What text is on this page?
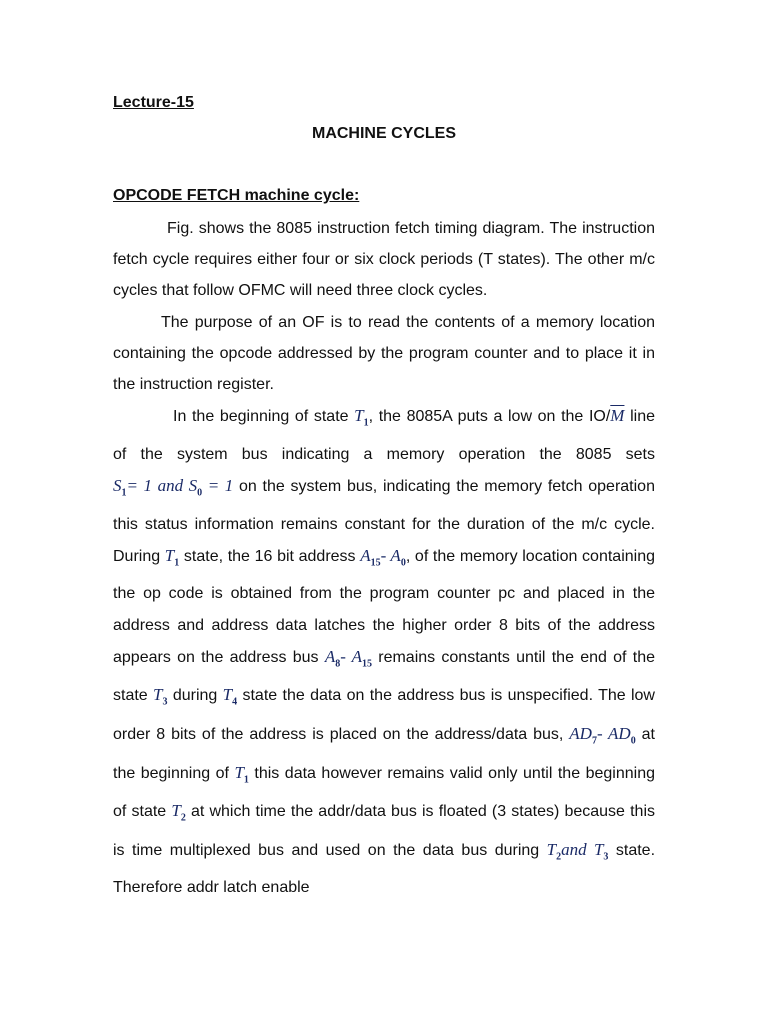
Lecture-15
MACHINE CYCLES
OPCODE FETCH machine cycle:

Fig. shows the 8085 instruction fetch timing diagram. The instruction fetch cycle requires either four or six clock periods (T states). The other m/c cycles that follow OFMC will need three clock cycles.

The purpose of an OF is to read the contents of a memory location containing the opcode addressed by the program counter and to place it in the instruction register.

In the beginning of state $T_1$, the 8085A puts a low on the $IO/\overline{M}$ line of the system bus indicating a memory operation the 8085 sets $S_1= 1$ and $S_0 = 1$ on the system bus, indicating the memory fetch operation this status information remains constant for the duration of the m/c cycle. During $T_1$ state, the 16 bit address $A_{15}-$ $A_0$, of the memory location containing the op code is obtained from the program counter pc and placed in the address and address data latches the higher order 8 bits of the address appears on the address bus $A_8-$ $A_{15}$ remains constants until the end of the state $T_3$ during $T_4$ state the data on the address bus is unspecified. The low order 8 bits of the address is placed on the address/data bus, $AD_7-$ $AD_0$ at the beginning of $T_1$ this data however remains valid only until the beginning of state $T_2$ at which time the addr/data bus is floated (3 states) because this is time multiplexed bus and used on the data bus during $T_2and$ $T_3$ state. Therefore addr latch enable
